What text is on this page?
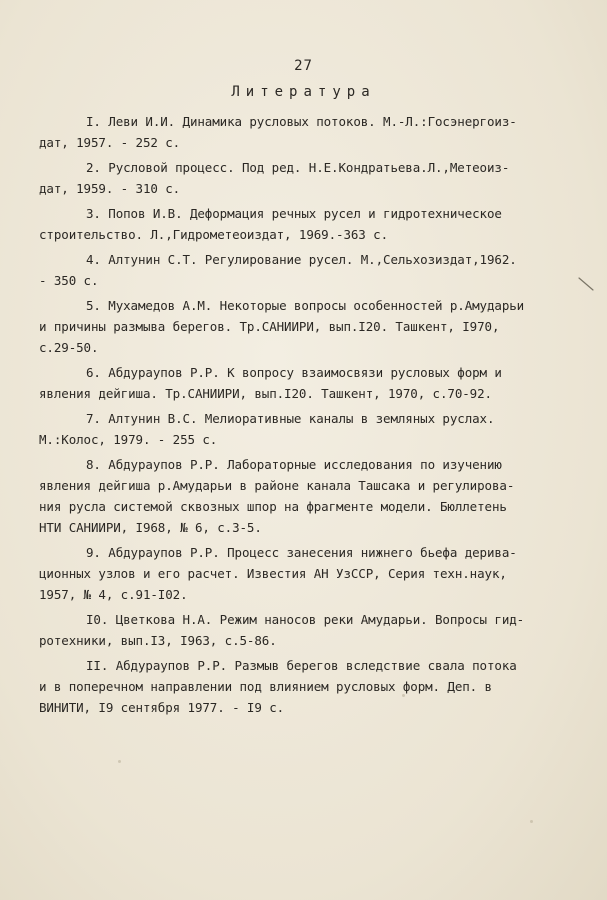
27
Литература
I. Леви И.И. Динамика русловых потоков. М.-Л.:Госэнергоиз-
дат, 1957. - 252 с.
2. Русловой процесс. Под ред. Н.Е.Кондратьева.Л.,Метеоиз-
дат, 1959. - 310 с.
3. Попов И.В. Деформация речных русел и гидротехническое
строительство. Л.,Гидрометеоиздат, 1969.-363 с.
4. Алтунин С.Т. Регулирование русел. М.,Сельхозиздат,1962.
- 350 с.
5. Мухамедов А.М. Некоторые вопросы особенностей р.Амударьи
и причины размыва берегов. Тр.САНИИРИ, вып.I20. Ташкент, I970,
с.29-50.
6. Абдураупов Р.Р. К вопросу взаимосвязи русловых форм и
явления дейгиша. Тр.САНИИРИ, вып.I20. Ташкент, 1970, с.70-92.
7. Алтунин В.С. Мелиоративные каналы в земляных руслах.
М.:Колос, 1979. - 255 с.
8. Абдураупов Р.Р. Лабораторные исследования по изучению
явления дейгиша р.Амударьи в районе канала Ташсака и регулирова-
ния русла системой сквозных шпор на фрагменте модели. Бюллетень
НТИ САНИИРИ, I968, № 6, с.3-5.
9. Абдураупов Р.Р. Процесс занесения нижнего бьефа дерива-
ционных узлов и его расчет. Известия АН УзССР, Серия техн.наук,
1957, № 4, с.91-I02.
I0. Цветкова Н.А. Режим наносов реки Амударьи. Вопросы гид-
ротехники, вып.I3, I963, с.5-86.
II. Абдураупов Р.Р. Размыв берегов вследствие свала потока
и в поперечном направлении под влиянием русловых форм. Деп. в
ВИНИТИ, I9 сентября 1977. - I9 с.
